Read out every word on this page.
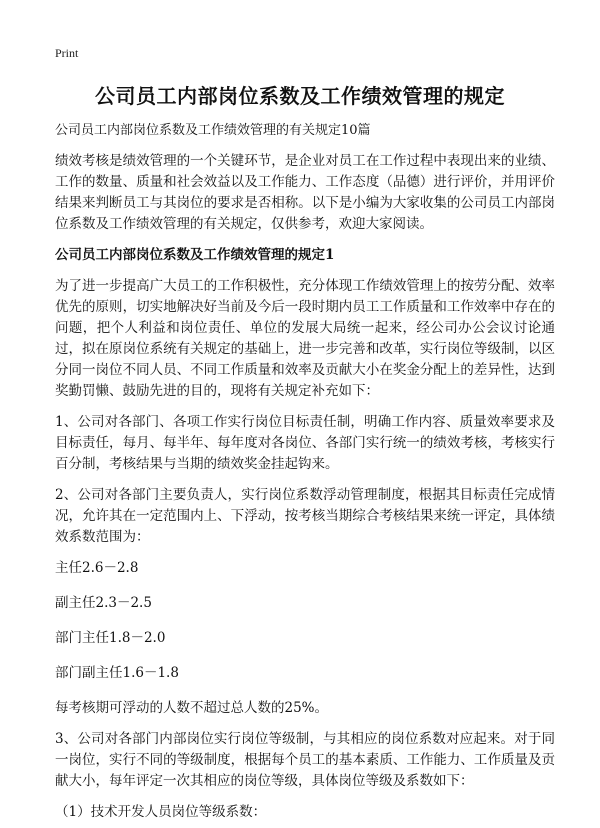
Print
公司员工内部岗位系数及工作绩效管理的规定

公司员工内部岗位系数及工作绩效管理的有关规定10篇

绩效考核是绩效管理的一个关键环节，是企业对员工在工作过程中表现出来的业绩、工作的数量、质量和社会效益以及工作能力、工作态度（品德）进行评价，并用评价结果来判断员工与其岗位的要求是否相称。以下是小编为大家收集的公司员工内部岗位系数及工作绩效管理的有关规定，仅供参考，欢迎大家阅读。

公司员工内部岗位系数及工作绩效管理的规定1

为了进一步提高广大员工的工作积极性，充分体现工作绩效管理上的按劳分配、效率优先的原则，切实地解决好当前及今后一段时期内员工工作质量和工作效率中存在的问题，把个人利益和岗位责任、单位的发展大局统一起来，经公司办公会议讨论通过，拟在原岗位系统有关规定的基础上，进一步完善和改革，实行岗位等级制，以区分同一岗位不同人员、不同工作质量和效率及贡献大小在奖金分配上的差异性，达到奖勤罚懒、鼓励先进的目的，现将有关规定补充如下：

1、公司对各部门、各项工作实行岗位目标责任制，明确工作内容、质量效率要求及目标责任，每月、每半年、每年度对各岗位、各部门实行统一的绩效考核，考核实行百分制，考核结果与当期的绩效奖金挂起钩来。

2、公司对各部门主要负责人，实行岗位系数浮动管理制度，根据其目标责任完成情况，允许其在一定范围内上、下浮动，按考核当期综合考核结果来统一评定，具体绩效系数范围为：

主任2.6－2.8

副主任2.3－2.5

部门主任1.8－2.0

部门副主任1.6－1.8

每考核期可浮动的人数不超过总人数的25%。

3、公司对各部门内部岗位实行岗位等级制，与其相应的岗位系数对应起来。对于同一岗位，实行不同的等级制度，根据每个员工的基本素质、工作能力、工作质量及贡献大小，每年评定一次其相应的岗位等级，具体岗位等级及系数如下：

（1）技术开发人员岗位等级系数：
